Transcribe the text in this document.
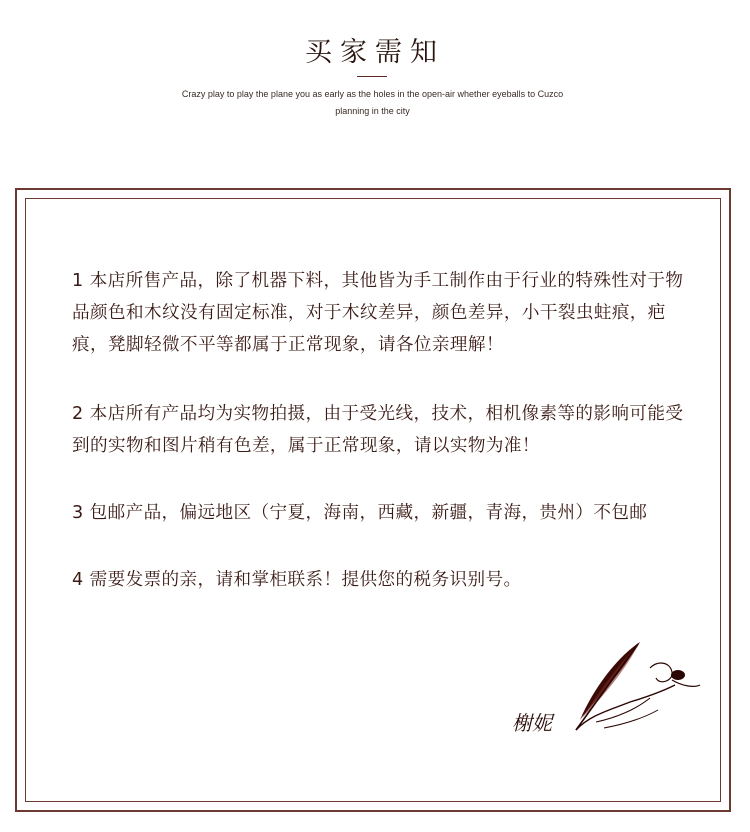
买家需知
Crazy play to play the plane you as early as the holes in the open-air whether eyeballs to Cuzco planning in the city
1 本店所售产品，除了机器下料，其他皆为手工制作由于行业的特殊性对于物品颜色和木纹没有固定标准，对于木纹差异，颜色差异，小干裂虫蛀痕，疤痕，凳脚轻微不平等都属于正常现象，请各位亲理解！
2 本店所有产品均为实物拍摄，由于受光线，技术，相机像素等的影响可能受到的实物和图片稍有色差，属于正常现象，请以实物为准！
3 包邮产品，偏远地区（宁夏，海南，西藏，新疆，青海，贵州）不包邮
4 需要发票的亲，请和掌柜联系！提供您的税务识别号。
榭妮
